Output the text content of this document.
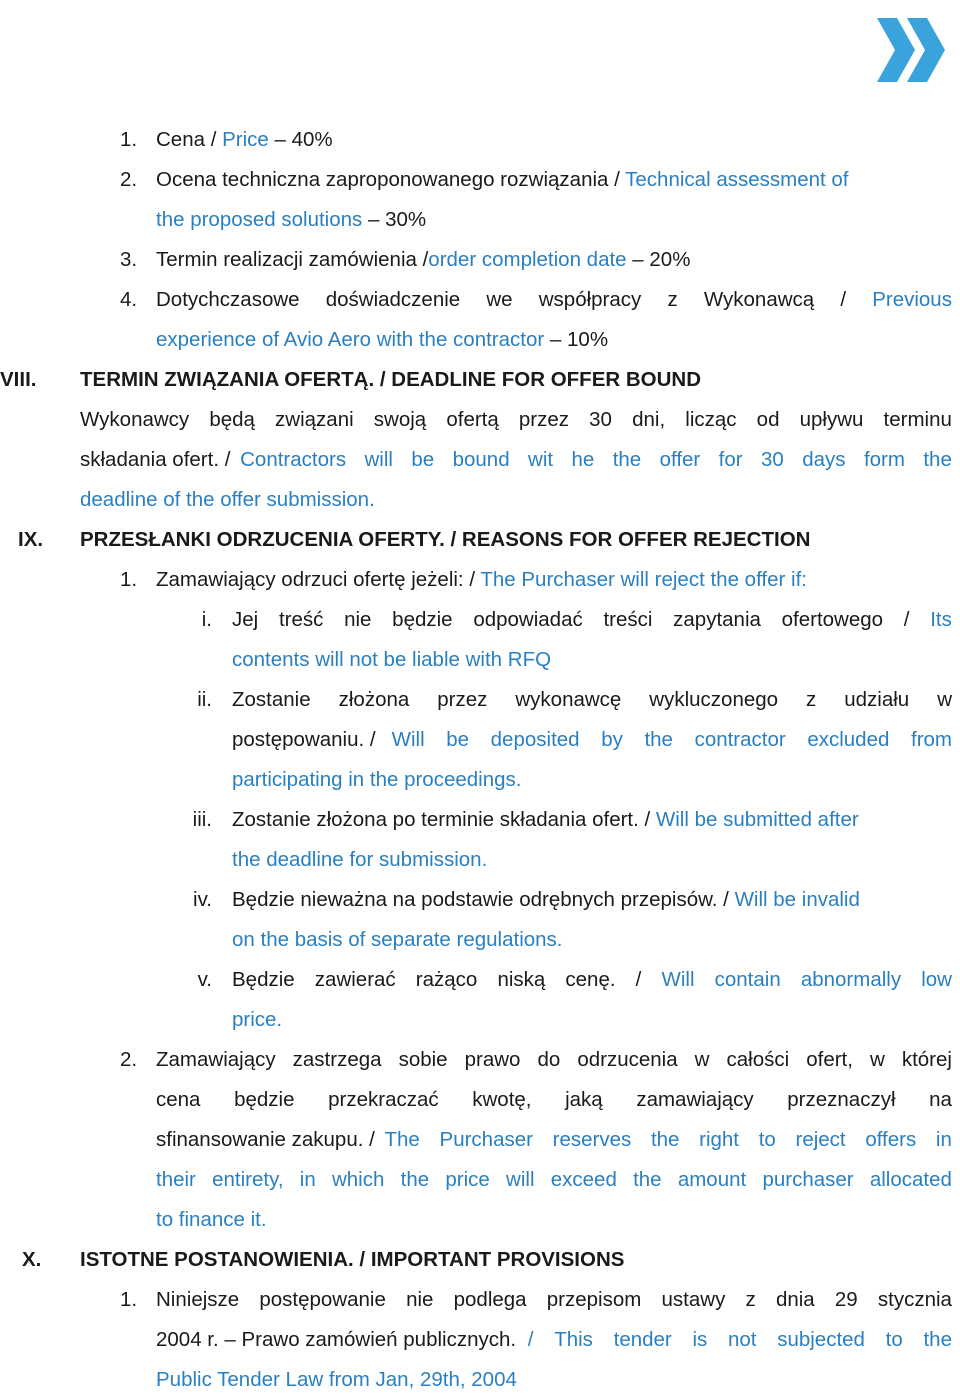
1. Cena / Price – 40%
2. Ocena techniczna zaproponowanego rozwiązania / Technical assessment of
the proposed solutions – 30%
3. Termin realizacji zamówienia /order completion date – 20%
4. Dotychczasowe doświadczenie we współpracy z Wykonawcą / Previous
experience of Avio Aero with the contractor – 10%
VIII. TERMIN ZWIĄZANIA OFERTĄ. / DEADLINE FOR OFFER BOUND
Wykonawcy będą związani swoją ofertą przez 30 dni, licząc od upływu terminu
składania ofert. / Contractors will be bound wit he the offer for 30 days form the
deadline of the offer submission.
IX. PRZESŁANKI ODRZUCENIA OFERTY. / REASONS FOR OFFER REJECTION
1. Zamawiający odrzuci ofertę jeżeli: / The Purchaser will reject the offer if:
i. Jej treść nie będzie odpowiadać treści zapytania ofertowego / Its
contents will not be liable with RFQ
ii. Zostanie złożona przez wykonawcę wykluczonego z udziału w
postępowaniu. / Will be deposited by the contractor excluded from
participating in the proceedings.
iii. Zostanie złożona po terminie składania ofert. / Will be submitted after
the deadline for submission.
iv. Będzie nieważna na podstawie odrębnych przepisów. / Will be invalid
on the basis of separate regulations.
v. Będzie zawierać rażąco niską cenę. / Will contain abnormally low
price.
2. Zamawiający zastrzega sobie prawo do odrzucenia w całości ofert, w której
cena będzie przekraczać kwotę, jaką zamawiający przeznaczył na
sfinansowanie zakupu. / The Purchaser reserves the right to reject offers in
their entirety, in which the price will exceed the amount purchaser allocated
to finance it.
X. ISTOTNE POSTANOWIENIA. / IMPORTANT PROVISIONS
1. Niniejsze postępowanie nie podlega przepisom ustawy z dnia 29 stycznia
2004 r. – Prawo zamówień publicznych. / This tender is not subjected to the
Public Tender Law from Jan, 29th, 2004
